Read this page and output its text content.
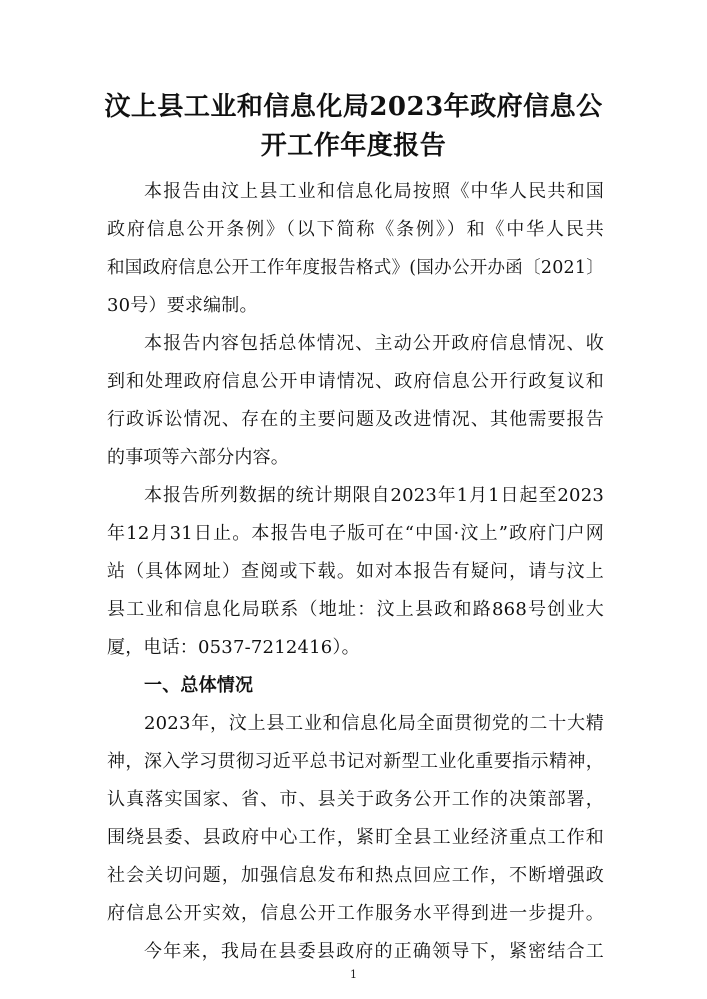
汶上县工业和信息化局2023年政府信息公
开工作年度报告
本报告由汶上县工业和信息化局按照《中华人民共和国
政府信息公开条例》（以下简称《条例》）和《中华人民共
和国政府信息公开工作年度报告格式》(国办公开办函〔2021〕
30号）要求编制。
本报告内容包括总体情况、主动公开政府信息情况、收
到和处理政府信息公开申请情况、政府信息公开行政复议和
行政诉讼情况、存在的主要问题及改进情况、其他需要报告
的事项等六部分内容。
本报告所列数据的统计期限自2023年1月1日起至2023
年12月31日止。本报告电子版可在“中国·汶上”政府门户网
站（具体网址）查阅或下载。如对本报告有疑问，请与汶上
县工业和信息化局联系（地址：汶上县政和路868号创业大
厦，电话：0537-7212416）。
一、总体情况
2023年，汶上县工业和信息化局全面贯彻党的二十大精
神，深入学习贯彻习近平总书记对新型工业化重要指示精神，
认真落实国家、省、市、县关于政务公开工作的决策部署，
围绕县委、县政府中心工作，紧盯全县工业经济重点工作和
社会关切问题，加强信息发布和热点回应工作，不断增强政
府信息公开实效，信息公开工作服务水平得到进一步提升。
今年来，我局在县委县政府的正确领导下，紧密结合工
1
